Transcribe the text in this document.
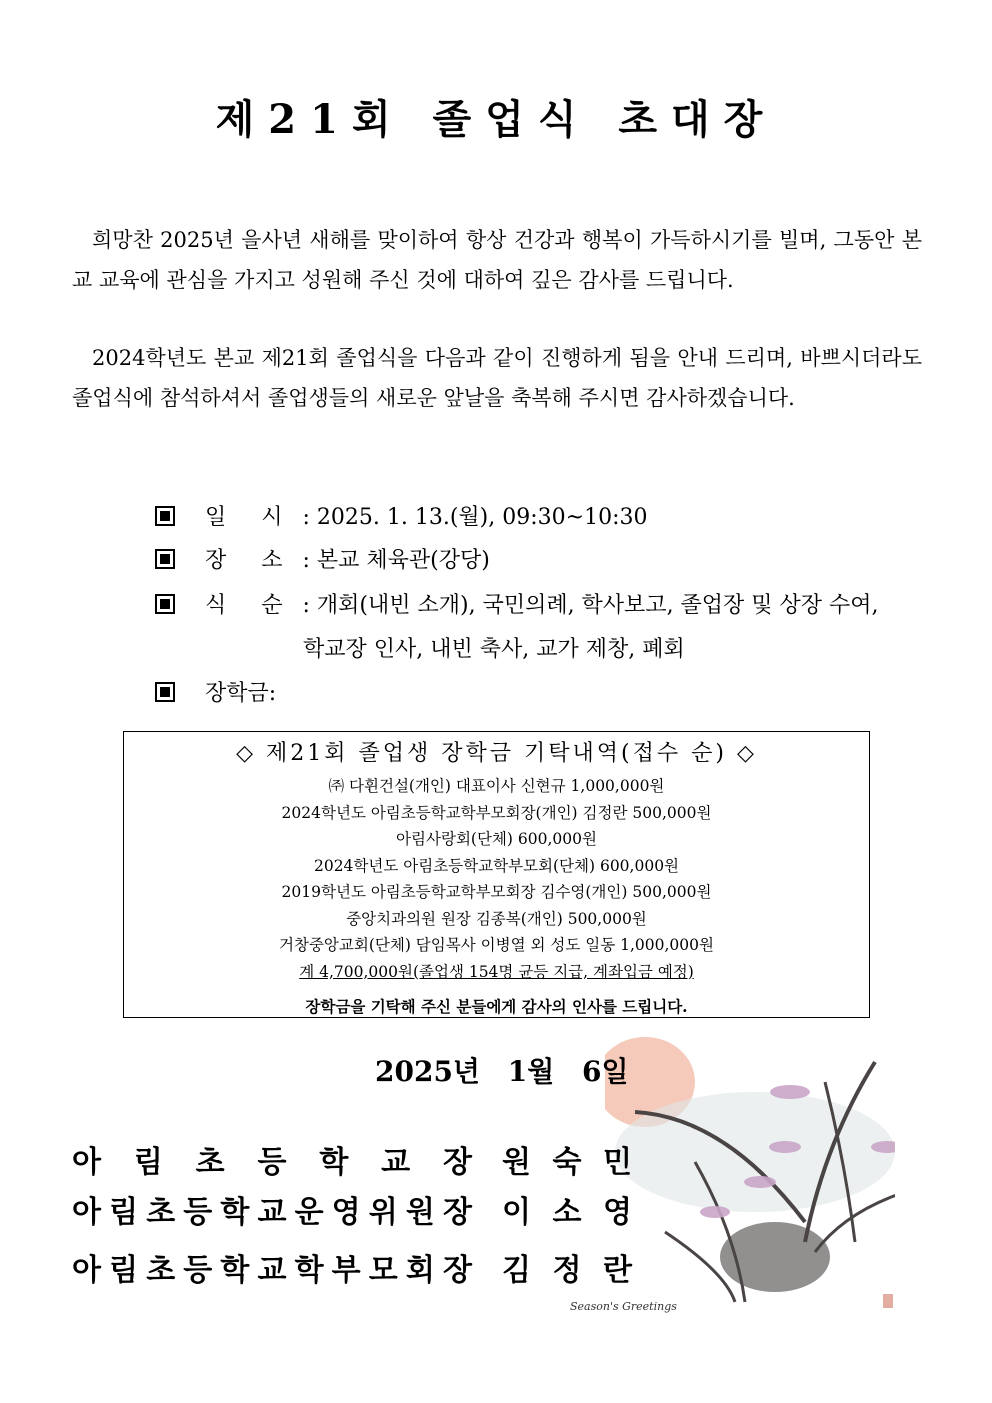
제21회 졸업식 초대장
희망찬 2025년 을사년 새해를 맞이하여 항상 건강과 행복이 가득하시기를 빌며, 그동안 본교 교육에 관심을 가지고 성원해 주신 것에 대하여 깊은 감사를 드립니다.
2024학년도 본교 제21회 졸업식을 다음과 같이 진행하게 됨을 안내 드리며, 바쁘시더라도 졸업식에 참석하셔서 졸업생들의 새로운 앞날을 축복해 주시면 감사하겠습니다.
일 시 : 2025. 1. 13.(월), 09:30~10:30
장 소 : 본교 체육관(강당)
식 순 : 개회(내빈 소개), 국민의례, 학사보고, 졸업장 및 상장 수여,
학교장 인사, 내빈 축사, 교가 제창, 폐회
장학금:
◇ 제21회 졸업생 장학금 기탁내역(접수 순) ◇
㈜ 다휜건설(개인) 대표이사 신현규 1,000,000원
2024학년도 아림초등학교학부모회장(개인) 김정란 500,000원
아림사랑회(단체) 600,000원
2024학년도 아림초등학교학부모회(단체) 600,000원
2019학년도 아림초등학교학부모회장 김수영(개인) 500,000원
중앙치과의원 원장 김종복(개인) 500,000원
거창중앙교회(단체) 담임목사 이병열 외 성도 일동 1,000,000원
계 4,700,000원(졸업생 154명 균등 지급, 계좌입금 예정)
장학금을 기탁해 주신 분들에게 감사의 인사를 드립니다.
Season's Greetings
2025년 1월 6일
아 림 초 등 학 교 장 원 숙 민
아 림 초 등 학 교 운 영 위 원 장 이 소 영
아 림 초 등 학 교 학 부 모 회 장 김 정 란
